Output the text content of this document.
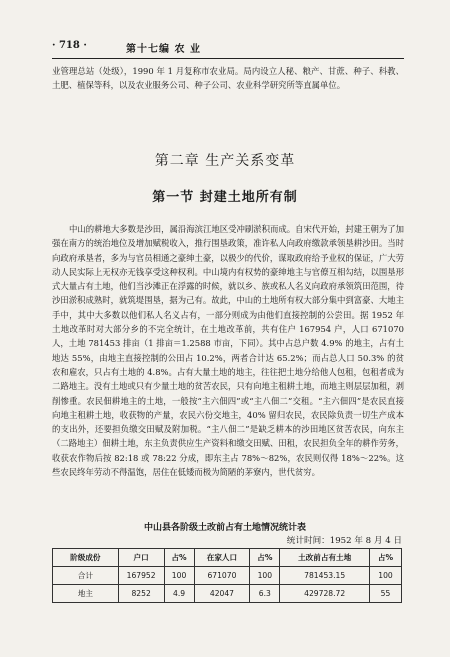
· 718 ·	第十七编 农 业

业管理总站（处级），1990 年 1 月复称市农业局。局内设立人秘、粮产、甘蔗、种子、科教、土肥、植保等科，以及农业服务公司、种子公司、农业科学研究所等直属单位。

第二章 生产关系变革
第一节 封建土地所有制

中山的耕地大多数是沙田，属沿海滨江地区受冲刷淤积而成。自宋代开始，封建王朝为了加强在南方的统治地位及增加赋税收入，推行围垦政策，准许私人向政府缴款承领垦耕沙田。当时向政府承垦者，多为与官员相通之豪绅土豪，以极少的代价，谋取政府给予业权的保证，广大劳动人民实际上无权亦无钱享受这种权利。中山境内有权势的豪绅地主与官僚互相勾结，以围垦形式大量占有土地，他们当沙滩正在浮露的时候，就以乡、族或私人名义向政府承领筑田范围，待沙田淤积成熟时，就筑堤围垦，据为己有。故此，中山的土地所有权大部分集中到富豪、大地主手中，其中大多数以他们私人名义占有，一部分则成为由他们直接控制的公尝田。据 1952 年土地改革时对大部分乡的不完全统计，在土地改革前，共有住户 167954 户，人口 671070 人，土地 781453 排亩（1 排亩＝1.2588 市亩，下同）。其中占总户数 4.9% 的地主，占有土地达 55%，由地主直接控制的公田占 10.2%，两者合计达 65.2%；而占总人口 50.3% 的贫农和雇农，只占有土地的 4.8%。占有大量土地的地主，往往把土地分给他人包租，包租者成为二路地主。没有土地或只有少量土地的贫苦农民，只有向地主租耕土地，而地主则层层加租，剥削惨重。农民佃耕地主的土地，一般按“主六佃四”或“主八佃二”交租。“主六佃四”是农民直接向地主租耕土地，收获物的产量，农民六份交地主，40% 留归农民，农民除负责一切生产成本的支出外，还要担负缴交田赋及附加税。“主八佃二”是缺乏耕本的沙田地区贫苦农民，向东主（二路地主）佃耕土地，东主负责供应生产资料和缴交田赋、田租，农民担负全年的耕作劳务，收获农作物后按 82:18 或 78:22 分成，即东主占 78%～82%，农民则仅得 18%～22%。这些农民终年劳动不得温饱，居住在低矮而极为简陋的茅寮内，世代贫穷。

中山县各阶级土改前占有土地情况统计表
统计时间：1952 年 8 月 4 日
阶级成份	户口	占%	在家人口	占%	土改前占有土地	占%
合计	167952	100	671070	100	781453.15	100
地主	8252	4.9	42047	6.3	429728.72	55
